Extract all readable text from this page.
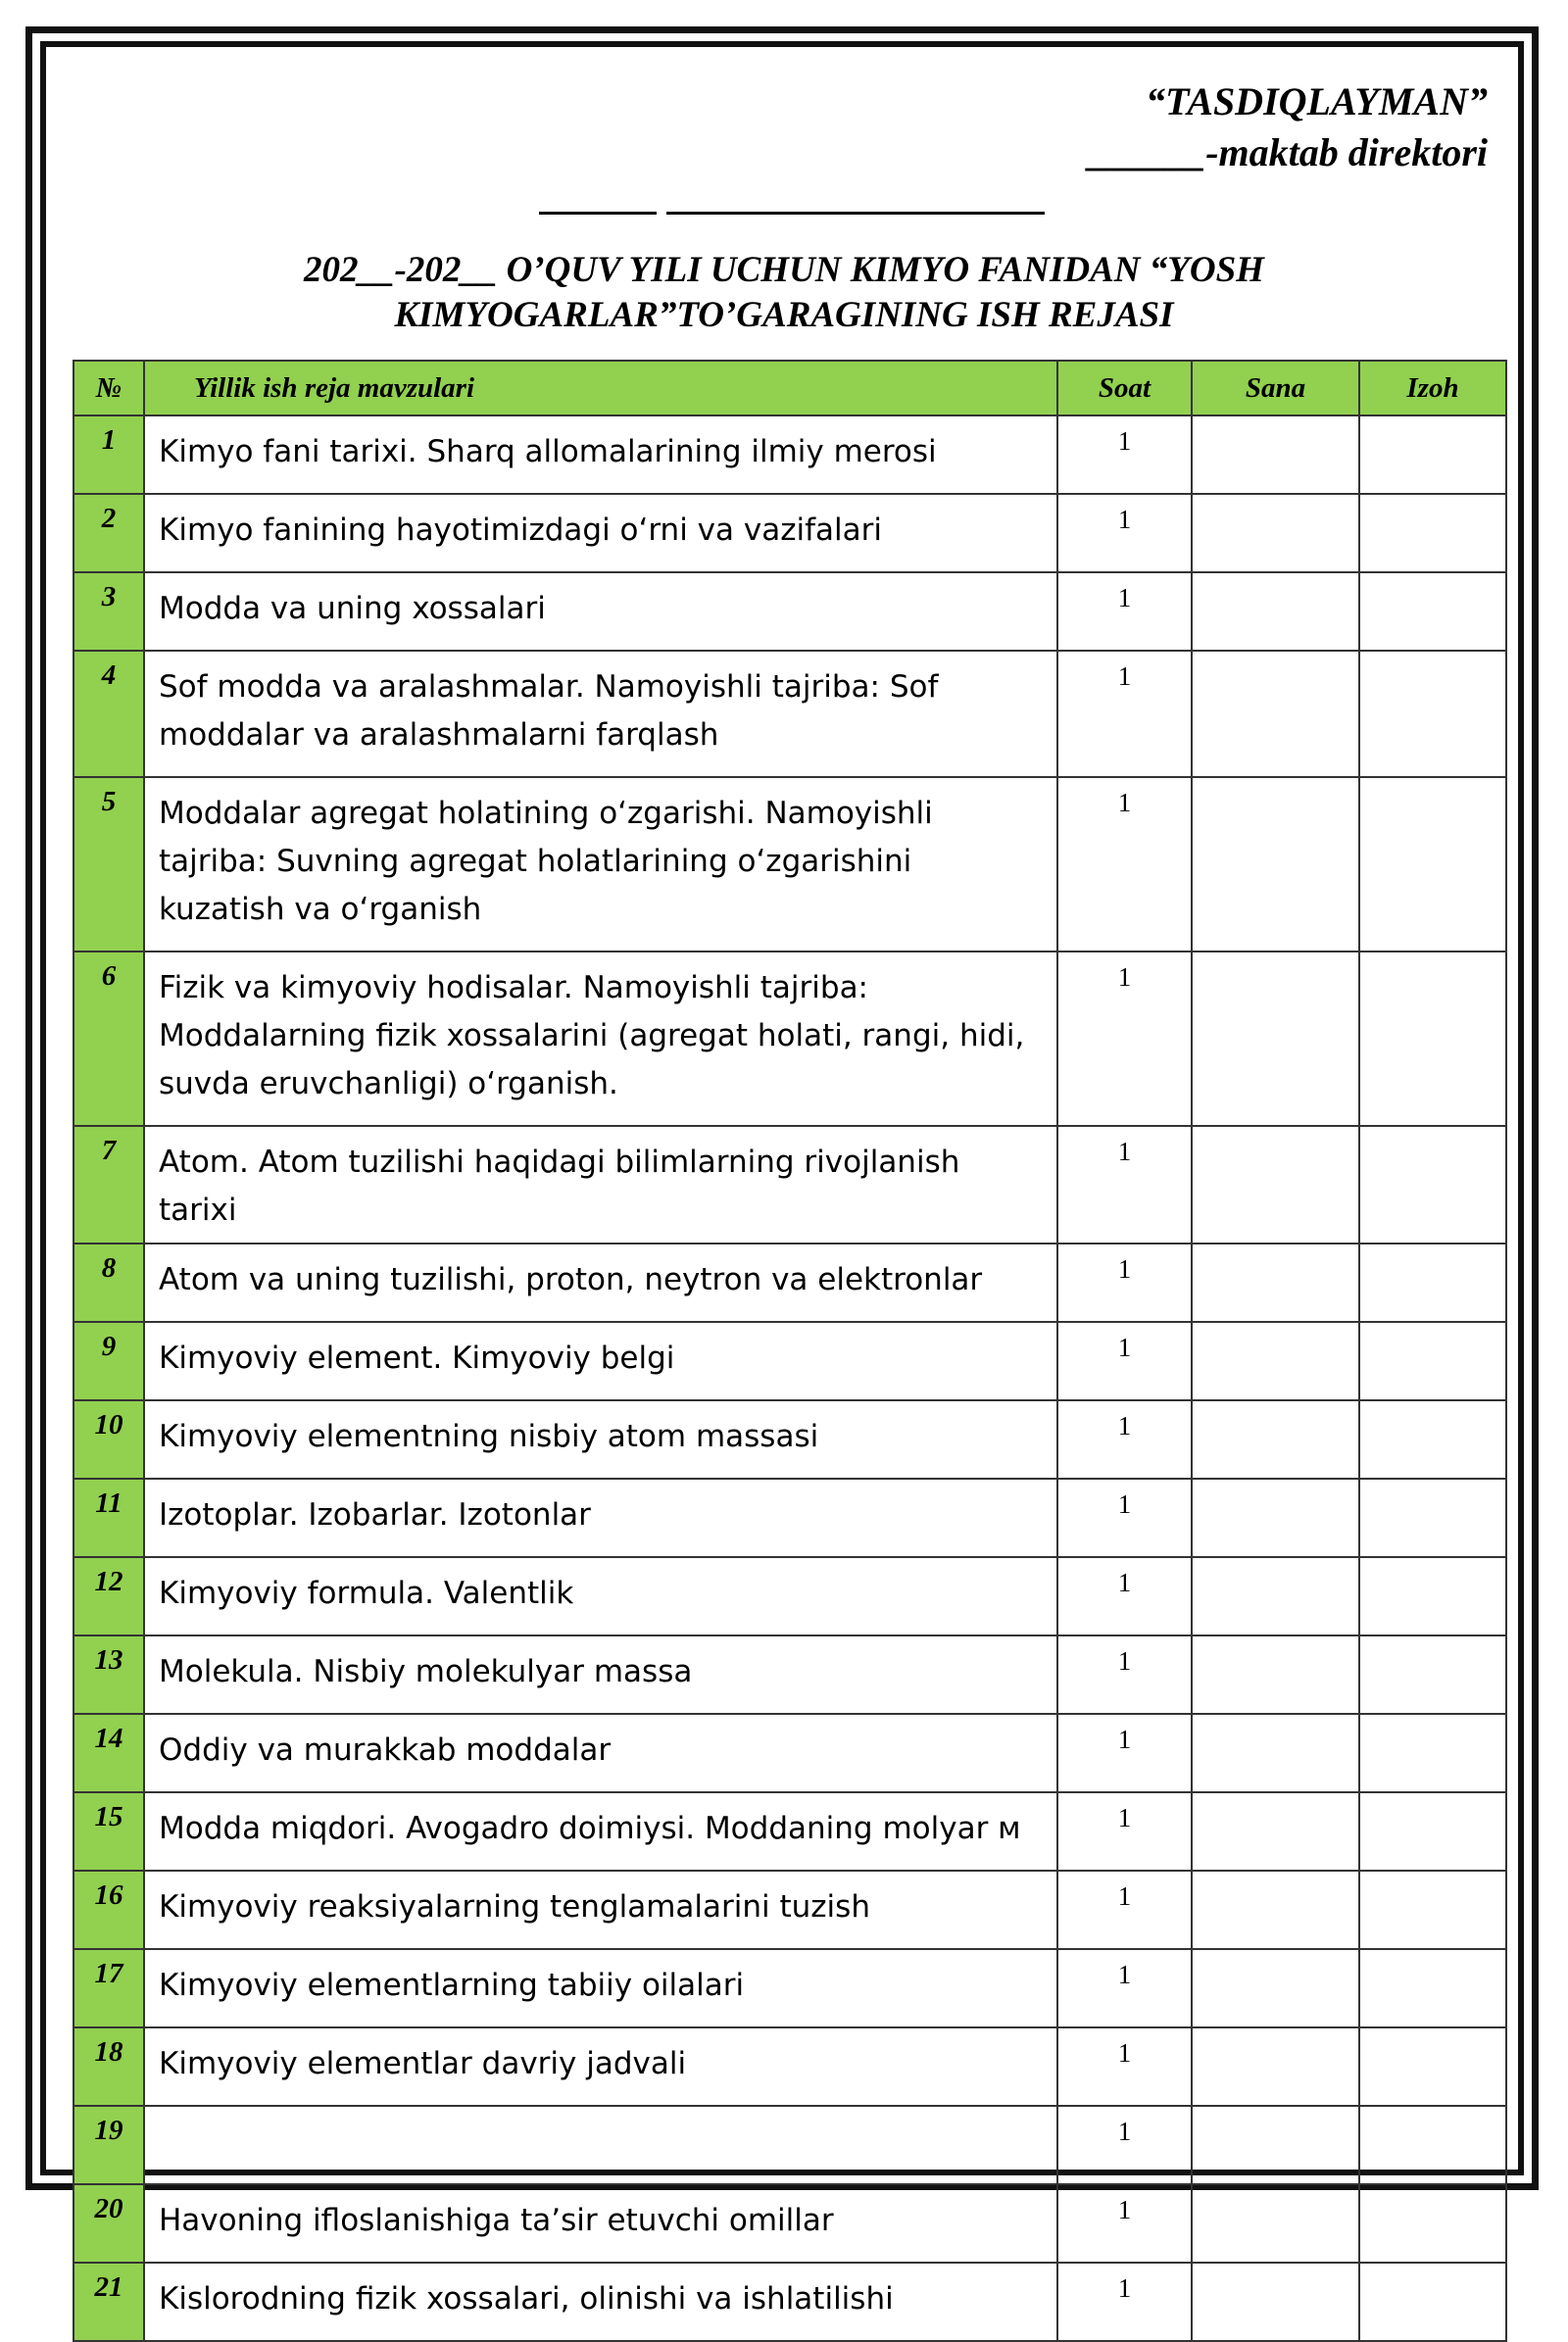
“TASDIQLAYMAN”
______-maktab direktori
202__-202__ O’QUV YILI UCHUN KIMYO FANIDAN “YOSH
KIMYOGARLAR”TO’GARAGINING ISH REJASI
№	Yillik ish reja mavzulari	Soat	Sana	Izoh
1	Kimyo fani tarixi. Sharq allomalarining ilmiy merosi	1		
2	Kimyo fanining hayotimizdagi oʻrni va vazifalari	1		
3	Modda va uning xossalari	1		
4	Sof modda va aralashmalar. Namoyishli tajriba: Sof moddalar va aralashmalarni farqlash	1		
5	Moddalar agregat holatining oʻzgarishi. Namoyishli tajriba: Suvning agregat holatlarining oʻzgarishini kuzatish va oʻrganish	1		
6	Fizik va kimyoviy hodisalar. Namoyishli tajriba: Moddalarning fizik xossalarini (agregat holati, rangi, hidi, suvda eruvchanligi) oʻrganish.	1		
7	Atom. Atom tuzilishi haqidagi bilimlarning rivojlanish tarixi	1		
8	Atom va uning tuzilishi, proton, neytron va elektronlar	1		
9	Kimyoviy element. Kimyoviy belgi	1		
10	Kimyoviy elementning nisbiy atom massasi	1		
11	Izotoplar. Izobarlar. Izotonlar	1		
12	Kimyoviy formula. Valentlik	1		
13	Molekula. Nisbiy molekulyar massa	1		
14	Oddiy va murakkab moddalar	1		
15	Modda miqdori. Avogadro doimiysi. Moddaning molyar м	1		
16	Kimyoviy reaksiyalarning tenglamalarini tuzish	1		
17	Kimyoviy elementlarning tabiiy oilalari	1		
18	Kimyoviy elementlar davriy jadvali	1		
19		1		
20	Havoning ifloslanishiga ta’sir etuvchi omillar	1		
21	Kislorodning fizik xossalari, olinishi va ishlatilishi	1		
